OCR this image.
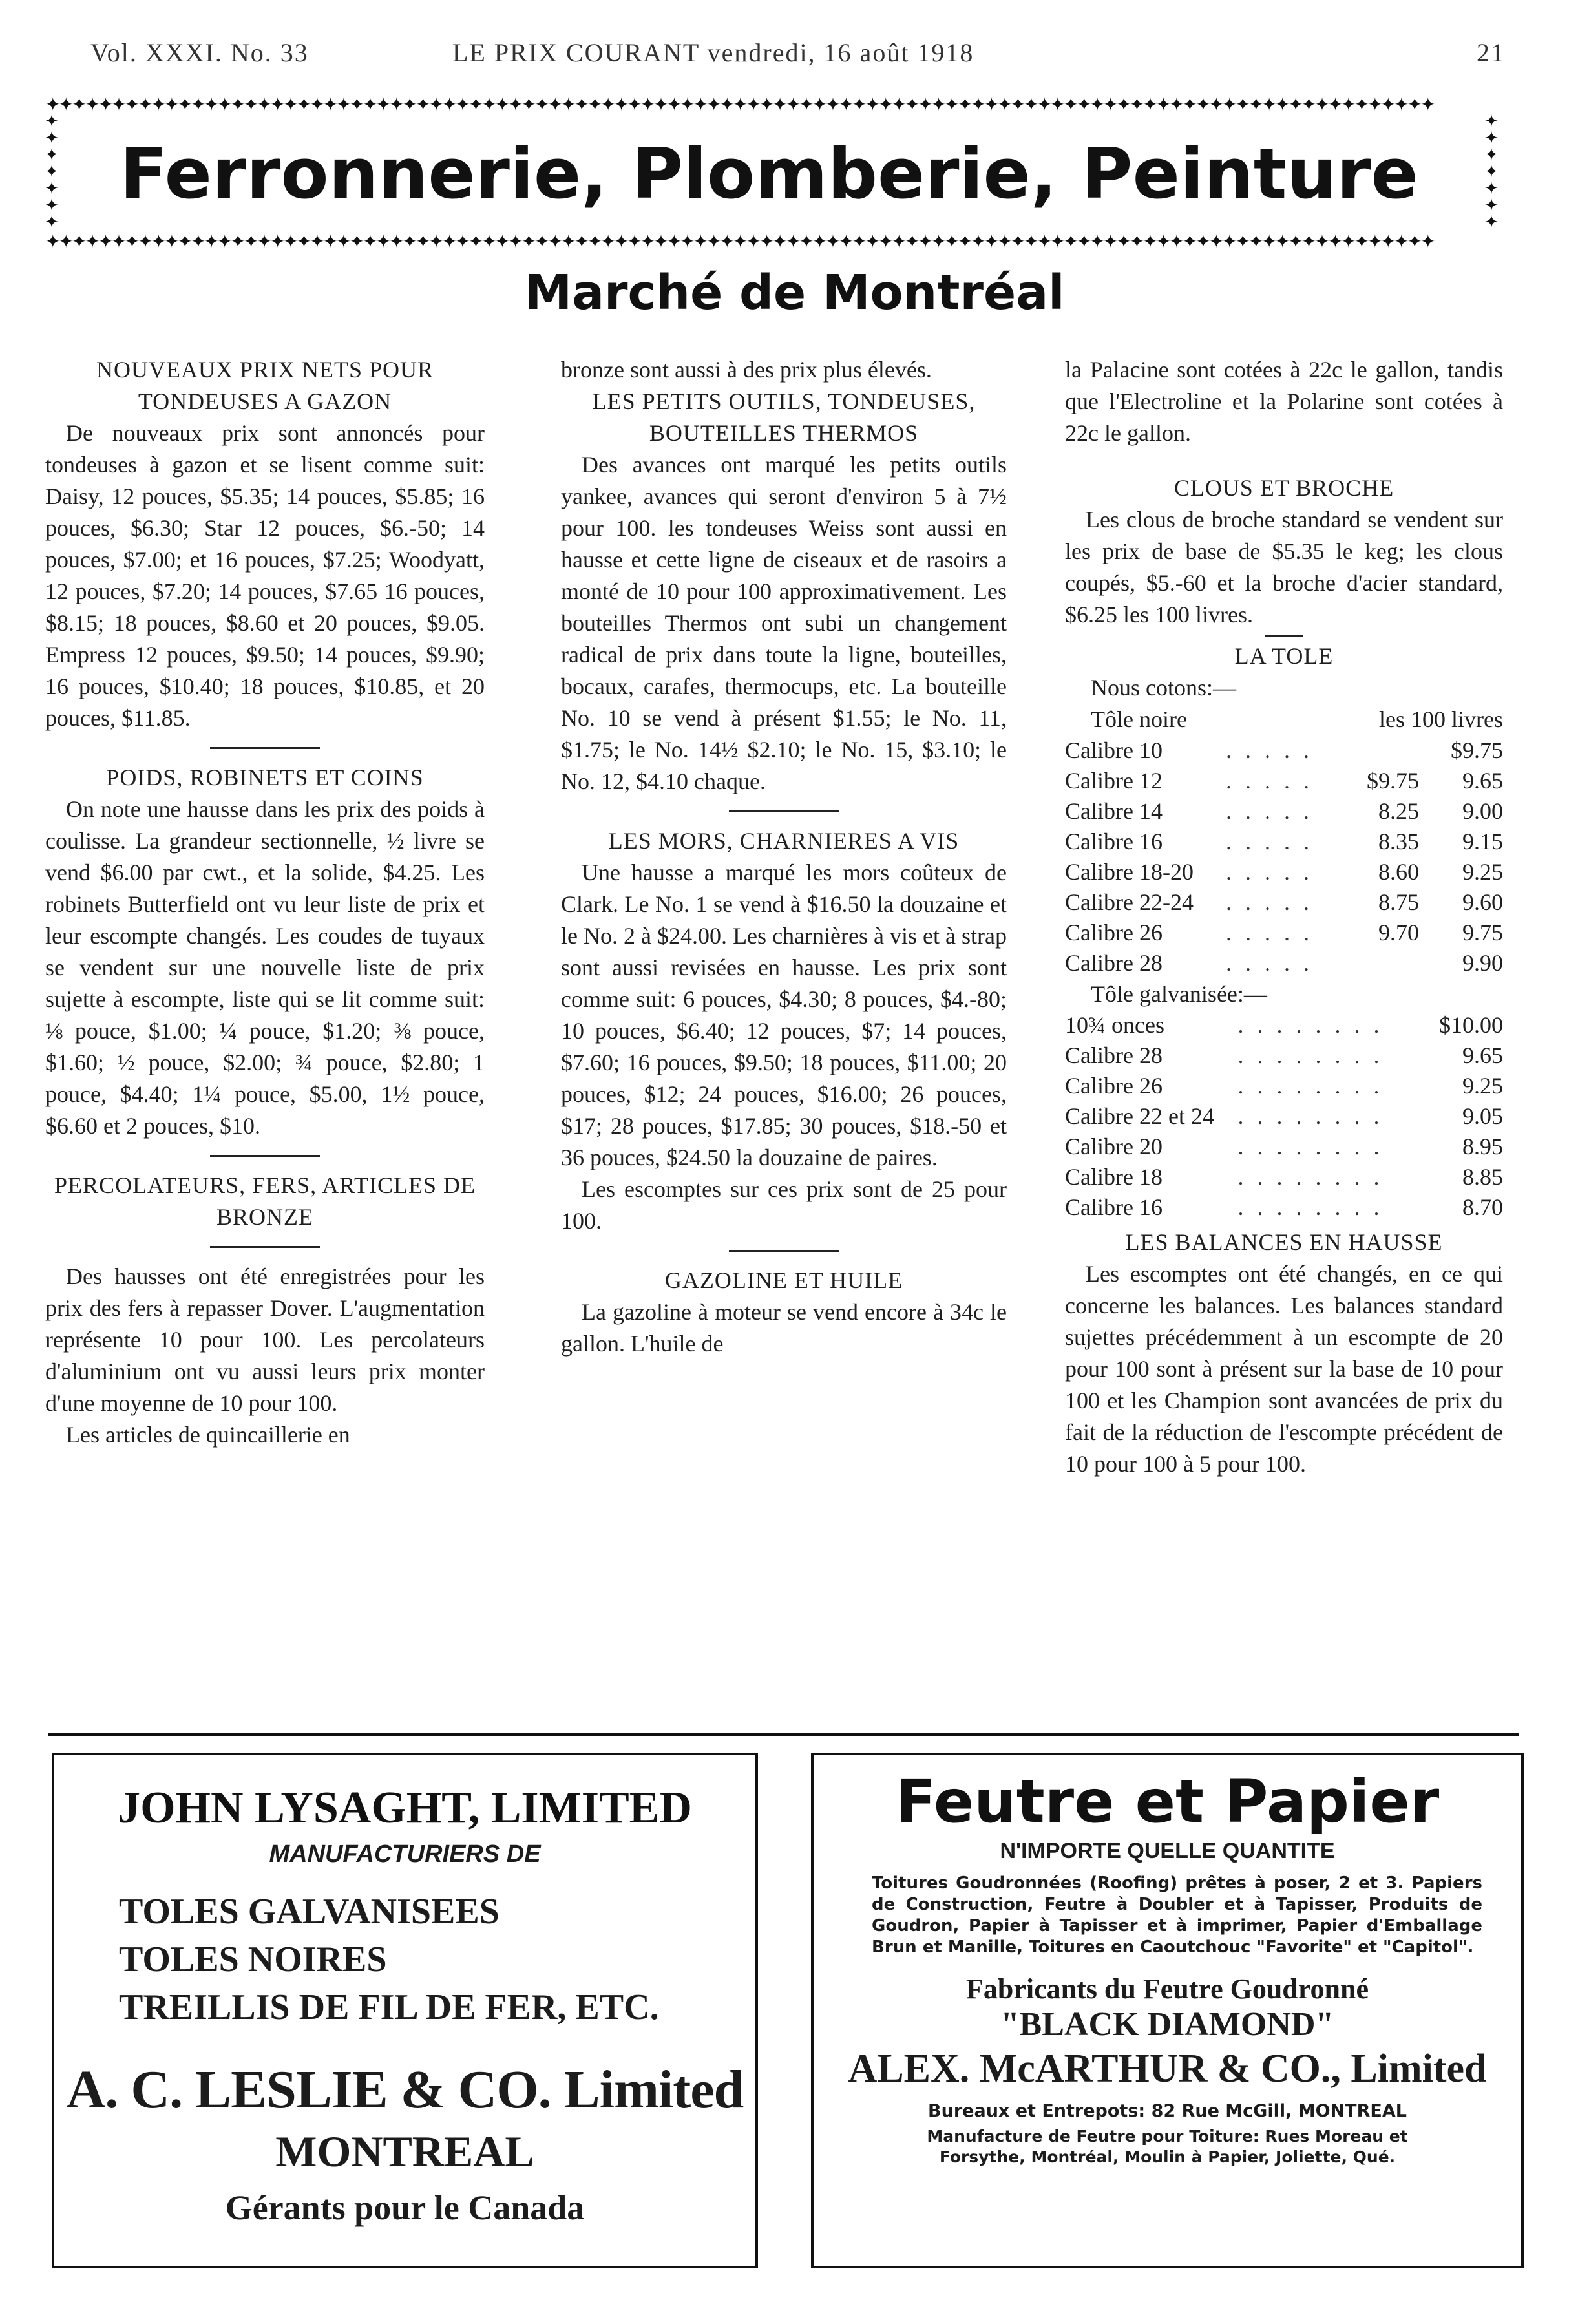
Vol. XXXI. No. 33	LE PRIX COURANT vendredi, 16 août 1918	21
✦✦✦✦✦✦✦✦✦✦✦✦✦✦✦✦✦✦✦✦✦✦✦✦✦✦✦✦✦✦✦✦✦✦✦✦✦✦✦✦✦✦✦✦✦✦✦✦✦✦✦✦✦✦✦✦✦✦✦✦✦✦✦✦✦✦✦✦✦✦✦✦✦✦✦✦✦✦✦✦✦✦✦✦✦✦✦✦✦✦✦✦✦✦✦✦✦✦✦✦✦✦✦✦✦
✦
✦
✦
✦
✦
✦
✦
✦
✦
✦
✦
✦
✦
✦
Ferronnerie, Plomberie, Peinture
✦✦✦✦✦✦✦✦✦✦✦✦✦✦✦✦✦✦✦✦✦✦✦✦✦✦✦✦✦✦✦✦✦✦✦✦✦✦✦✦✦✦✦✦✦✦✦✦✦✦✦✦✦✦✦✦✦✦✦✦✦✦✦✦✦✦✦✦✦✦✦✦✦✦✦✦✦✦✦✦✦✦✦✦✦✦✦✦✦✦✦✦✦✦✦✦✦✦✦✦✦✦✦✦✦
Marché de Montréal
NOUVEAUX PRIX NETS POUR TONDEUSES A GAZON

De nouveaux prix sont annoncés pour tondeuses à gazon et se lisent comme suit: Daisy, 12 pouces, $5.35; 14 pouces, $5.85; 16 pouces, $6.30; Star 12 pouces, $6.-50; 14 pouces, $7.00; et 16 pouces, $7.25; Woodyatt, 12 pouces, $7.20; 14 pouces, $7.65 16 pouces, $8.15; 18 pouces, $8.60 et 20 pouces, $9.05. Empress 12 pouces, $9.50; 14 pouces, $9.90; 16 pouces, $10.40; 18 pouces, $10.85, et 20 pouces, $11.85.

POIDS, ROBINETS ET COINS

On note une hausse dans les prix des poids à coulisse. La grandeur sectionnelle, ½ livre se vend $6.00 par cwt., et la solide, $4.25. Les robinets Butterfield ont vu leur liste de prix et leur escompte changés. Les coudes de tuyaux se vendent sur une nouvelle liste de prix sujette à escompte, liste qui se lit comme suit: ⅛ pouce, $1.00; ¼ pouce, $1.20; ⅜ pouce, $1.60; ½ pouce, $2.00; ¾ pouce, $2.80; 1 pouce, $4.40; 1¼ pouce, $5.00, 1½ pouce, $6.60 et 2 pouces, $10.

PERCOLATEURS, FERS, ARTICLES DE BRONZE

Des hausses ont été enregistrées pour les prix des fers à repasser Dover. L'augmentation représente 10 pour 100. Les percolateurs d'aluminium ont vu aussi leurs prix monter d'une moyenne de 10 pour 100.

Les articles de quincaillerie en

bronze sont aussi à des prix plus élevés.

LES PETITS OUTILS, TONDEUSES, BOUTEILLES THERMOS

Des avances ont marqué les petits outils yankee, avances qui seront d'environ 5 à 7½ pour 100. les tondeuses Weiss sont aussi en hausse et cette ligne de ciseaux et de rasoirs a monté de 10 pour 100 approximativement. Les bouteilles Thermos ont subi un changement radical de prix dans toute la ligne, bouteilles, bocaux, carafes, thermocups, etc. La bouteille No. 10 se vend à présent $1.55; le No. 11, $1.75; le No. 14½ $2.10; le No. 15, $3.10; le No. 12, $4.10 chaque.

LES MORS, CHARNIERES A VIS

Une hausse a marqué les mors coûteux de Clark. Le No. 1 se vend à $16.50 la douzaine et le No. 2 à $24.00. Les charnières à vis et à strap sont aussi revisées en hausse. Les prix sont comme suit: 6 pouces, $4.30; 8 pouces, $4.-80; 10 pouces, $6.40; 12 pouces, $7; 14 pouces, $7.60; 16 pouces, $9.50; 18 pouces, $11.00; 20 pouces, $12; 24 pouces, $16.00; 26 pouces, $17; 28 pouces, $17.85; 30 pouces, $18.-50 et 36 pouces, $24.50 la douzaine de paires.

Les escomptes sur ces prix sont de 25 pour 100.

GAZOLINE ET HUILE

La gazoline à moteur se vend encore à 34c le gallon. L'huile de

la Palacine sont cotées à 22c le gallon, tandis que l'Electroline et la Polarine sont cotées à 22c le gallon.

CLOUS ET BROCHE

Les clous de broche standard se vendent sur les prix de base de $5.35 le keg; les clous coupés, $5.-60 et la broche d'acier standard, $6.25 les 100 livres.

LA TOLE
Nous cotons:—
Tôle noire		les 100 livres	
Calibre 10	. . . . .		$9.75
Calibre 12	. . . . .	$9.75	9.65
Calibre 14	. . . . .	8.25	9.00
Calibre 16	. . . . .	8.35	9.15
Calibre 18-20	. . . . .	8.60	9.25
Calibre 22-24	. . . . .	8.75	9.60
Calibre 26	. . . . .	9.70	9.75
Calibre 28	. . . . .		9.90
Tôle galvanisée:—
10¾ onces	. . . . . . . .	$10.00
Calibre 28	. . . . . . . .	9.65
Calibre 26	. . . . . . . .	9.25
Calibre 22 et 24	. . . . . . . .	9.05
Calibre 20	. . . . . . . .	8.95
Calibre 18	. . . . . . . .	8.85
Calibre 16	. . . . . . . .	8.70
LES BALANCES EN HAUSSE

Les escomptes ont été changés, en ce qui concerne les balances. Les balances standard sujettes précédemment à un escompte de 20 pour 100 sont à présent sur la base de 10 pour 100 et les Champion sont avancées de prix du fait de la réduction de l'escompte précédent de 10 pour 100 à 5 pour 100.

JOHN LYSAGHT, LIMITED
MANUFACTURIERS DE
TOLES GALVANISEES
TOLES NOIRES
TREILLIS DE FIL DE FER, ETC.
A. C. LESLIE & CO. Limited
MONTREAL
Gérants pour le Canada
Feutre et Papier
N'IMPORTE QUELLE QUANTITE
Toitures Goudronnées (Roofing) prêtes à poser, 2 et 3. Papiers de Construction, Feutre à Doubler et à Tapisser, Produits de Goudron, Papier à Tapisser et à imprimer, Papier d'Emballage Brun et Manille, Toitures en Caoutchouc "Favorite" et "Capitol".
Fabricants du Feutre Goudronné
"BLACK DIAMOND"
ALEX. McARTHUR & CO., Limited
Bureaux et Entrepots: 82 Rue McGill, MONTREAL
Manufacture de Feutre pour Toiture: Rues Moreau et Forsythe, Montréal, Moulin à Papier, Joliette, Qué.
